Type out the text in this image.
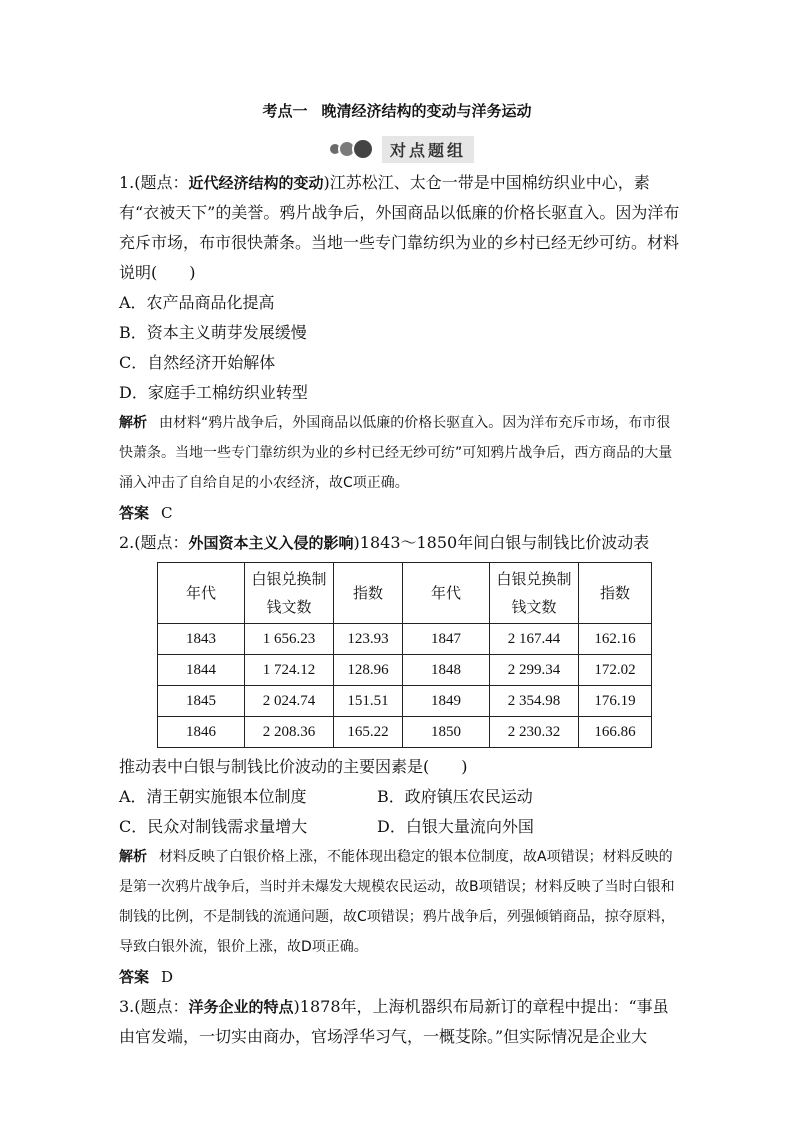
考点一 晚清经济结构的变动与洋务运动
对点题组

1.(题点：近代经济结构的变动)江苏松江、太仓一带是中国棉纺织业中心，素有“衣被天下”的美誉。鸦片战争后，外国商品以低廉的价格长驱直入。因为洋布充斥市场，布市很快萧条。当地一些专门靠纺织为业的乡村已经无纱可纺。材料说明(　　)

A．农产品商品化提高
B．资本主义萌芽发展缓慢
C．自然经济开始解体
D．家庭手工棉纺织业转型

解析 由材料“鸦片战争后，外国商品以低廉的价格长驱直入。因为洋布充斥市场，布市很快萧条。当地一些专门靠纺织为业的乡村已经无纱可纺”可知鸦片战争后，西方商品的大量涌入冲击了自给自足的小农经济，故C项正确。

答案 C

2.(题点：外国资本主义入侵的影响)1843～1850年间白银与制钱比价波动表

年代	白银兑换制钱文数	指数	年代	白银兑换制钱文数	指数
1843	1 656.23	123.93	1847	2 167.44	162.16
1844	1 724.12	128.96	1848	2 299.34	172.02
1845	2 024.74	151.51	1849	2 354.98	176.19
1846	2 208.36	165.22	1850	2 230.32	166.86

推动表中白银与制钱比价波动的主要因素是(　　)

A．清王朝实施银本位制度	B．政府镇压农民运动
C．民众对制钱需求量增大	D．白银大量流向外国

解析 材料反映了白银价格上涨，不能体现出稳定的银本位制度，故A项错误；材料反映的是第一次鸦片战争后，当时并未爆发大规模农民运动，故B项错误；材料反映了当时白银和制钱的比例，不是制钱的流通问题，故C项错误；鸦片战争后，列强倾销商品，掠夺原料，导致白银外流，银价上涨，故D项正确。

答案 D

3.(题点：洋务企业的特点)1878年，上海机器织布局新订的章程中提出：“事虽由官发端，一切实由商办，官场浮华习气，一概芟除。”但实际情况是企业大
